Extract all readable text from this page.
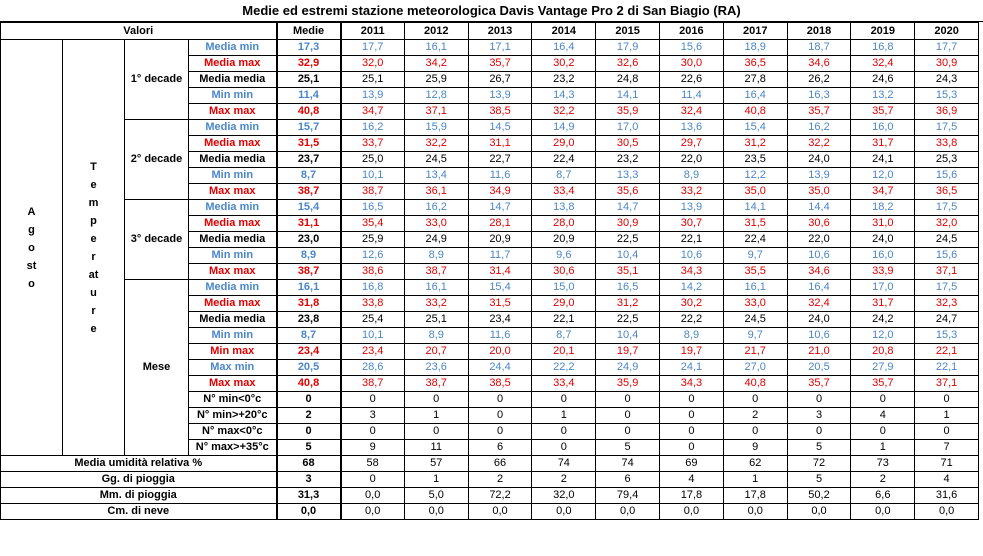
Medie ed estremi stazione meteorologica Davis Vantage Pro 2 di San Biagio (RA)
Valori				Medie	2011	2012	2013	2014	2015	2016	2017	2018	2019	2020
Agosto	Temperature	1° decade	Media min	17,3	17,7	16,1	17,1	16,4	17,9	15,6	18,9	18,7	16,8	17,7
			Media max	32,9	32,0	34,2	35,7	30,2	32,6	30,0	36,5	34,6	32,4	30,9
			Media media	25,1	25,1	25,9	26,7	23,2	24,8	22,6	27,8	26,2	24,6	24,3
			Min min	11,4	13,9	12,8	13,9	14,3	14,1	11,4	16,4	16,3	13,2	15,3
			Max max	40,8	34,7	37,1	38,5	32,2	35,9	32,4	40,8	35,7	35,7	36,9
		2° decade	Media min	15,7	16,2	15,9	14,5	14,9	17,0	13,6	15,4	16,2	16,0	17,5
			Media max	31,5	33,7	32,2	31,1	29,0	30,5	29,7	31,2	32,2	31,7	33,8
			Media media	23,7	25,0	24,5	22,7	22,4	23,2	22,0	23,5	24,0	24,1	25,3
			Min min	8,7	10,1	13,4	11,6	8,7	13,3	8,9	12,2	13,9	12,0	15,6
			Max max	38,7	38,7	36,1	34,9	33,4	35,6	33,2	35,0	35,0	34,7	36,5
		3° decade	Media min	15,4	16,5	16,2	14,7	13,8	14,7	13,9	14,1	14,4	18,2	17,5
			Media max	31,1	35,4	33,0	28,1	28,0	30,9	30,7	31,5	30,6	31,0	32,0
			Media media	23,0	25,9	24,9	20,9	20,9	22,5	22,1	22,4	22,0	24,0	24,5
			Min min	8,9	12,6	8,9	11,7	9,6	10,4	10,6	9,7	10,6	16,0	15,6
			Max max	38,7	38,6	38,7	31,4	30,6	35,1	34,3	35,5	34,6	33,9	37,1
		Mese	Media min	16,1	16,8	16,1	15,4	15,0	16,5	14,2	16,1	16,4	17,0	17,5
			Media max	31,8	33,8	33,2	31,5	29,0	31,2	30,2	33,0	32,4	31,7	32,3
			Media media	23,8	25,4	25,1	23,4	22,1	22,5	22,2	24,5	24,0	24,2	24,7
			Min min	8,7	10,1	8,9	11,6	8,7	10,4	8,9	9,7	10,6	12,0	15,3
			Min max	23,4	23,4	20,7	20,0	20,1	19,7	19,7	21,7	21,0	20,8	22,1
			Max min	20,5	28,6	23,6	24,4	22,2	24,9	24,1	27,0	20,5	27,9	22,1
			Max max	40,8	38,7	38,7	38,5	33,4	35,9	34,3	40,8	35,7	35,7	37,1
			N° min<0°c	0	0	0	0	0	0	0	0	0	0	0
			N° min>+20°c	2	3	1	0	1	0	0	2	3	4	1
			N° max<0°c	0	0	0	0	0	0	0	0	0	0	0
			N° max>+35°c	5	9	11	6	0	5	0	9	5	1	7
Media umidità relativa %				68	58	57	66	74	74	69	62	72	73	71
Gg. di pioggia				3	0	1	2	2	6	4	1	5	2	4
Mm. di pioggia				31,3	0,0	5,0	72,2	32,0	79,4	17,8	17,8	50,2	6,6	31,6
Cm. di neve				0,0	0,0	0,0	0,0	0,0	0,0	0,0	0,0	0,0	0,0	0,0
